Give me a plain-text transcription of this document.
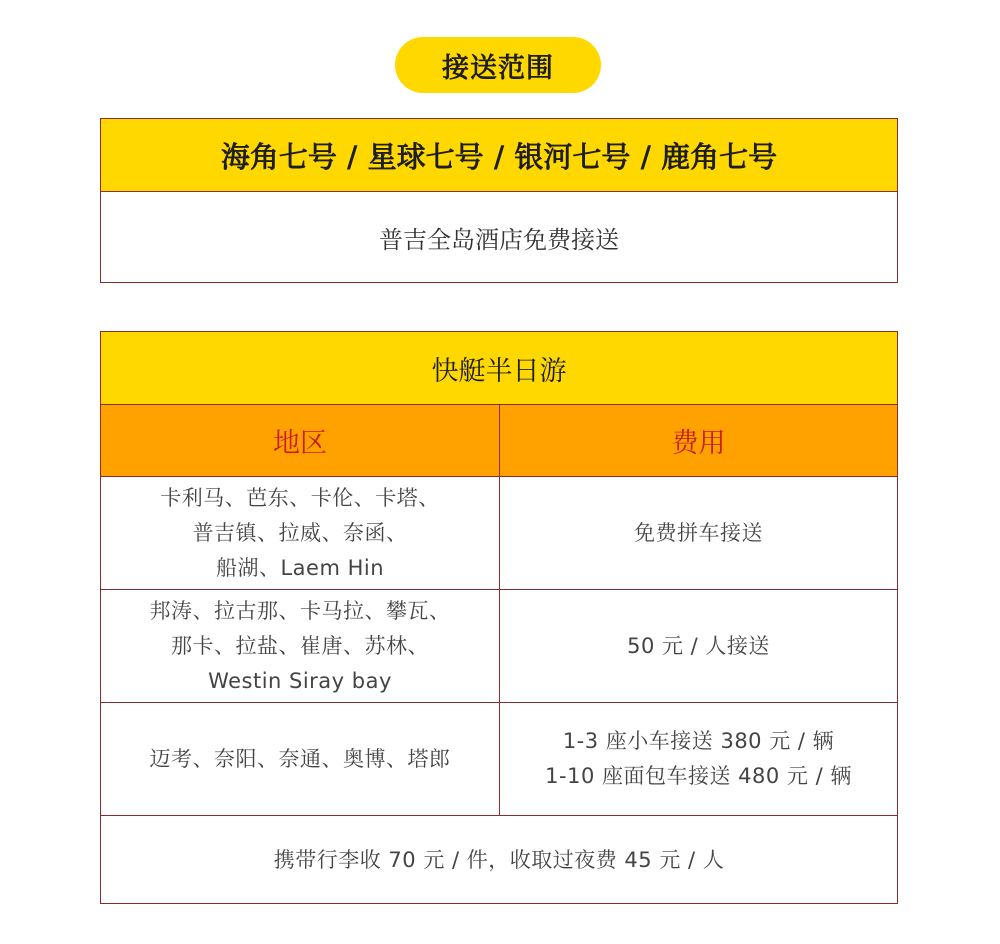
接送范围
海角七号 / 星球七号 / 银河七号 / 鹿角七号
普吉全岛酒店免费接送
快艇半日游
地区	费用
卡利马、芭东、卡伦、卡塔、
普吉镇、拉威、奈函、
船湖、Laem Hin
免费拼车接送
邦涛、拉古那、卡马拉、攀瓦、
那卡、拉盐、崔唐、苏林、
Westin Siray bay
50 元 / 人接送
迈考、奈阳、奈通、奥博、塔郎
1-3 座小车接送 380 元 / 辆
1-10 座面包车接送 480 元 / 辆
携带行李收 70 元 / 件，收取过夜费 45 元 / 人
